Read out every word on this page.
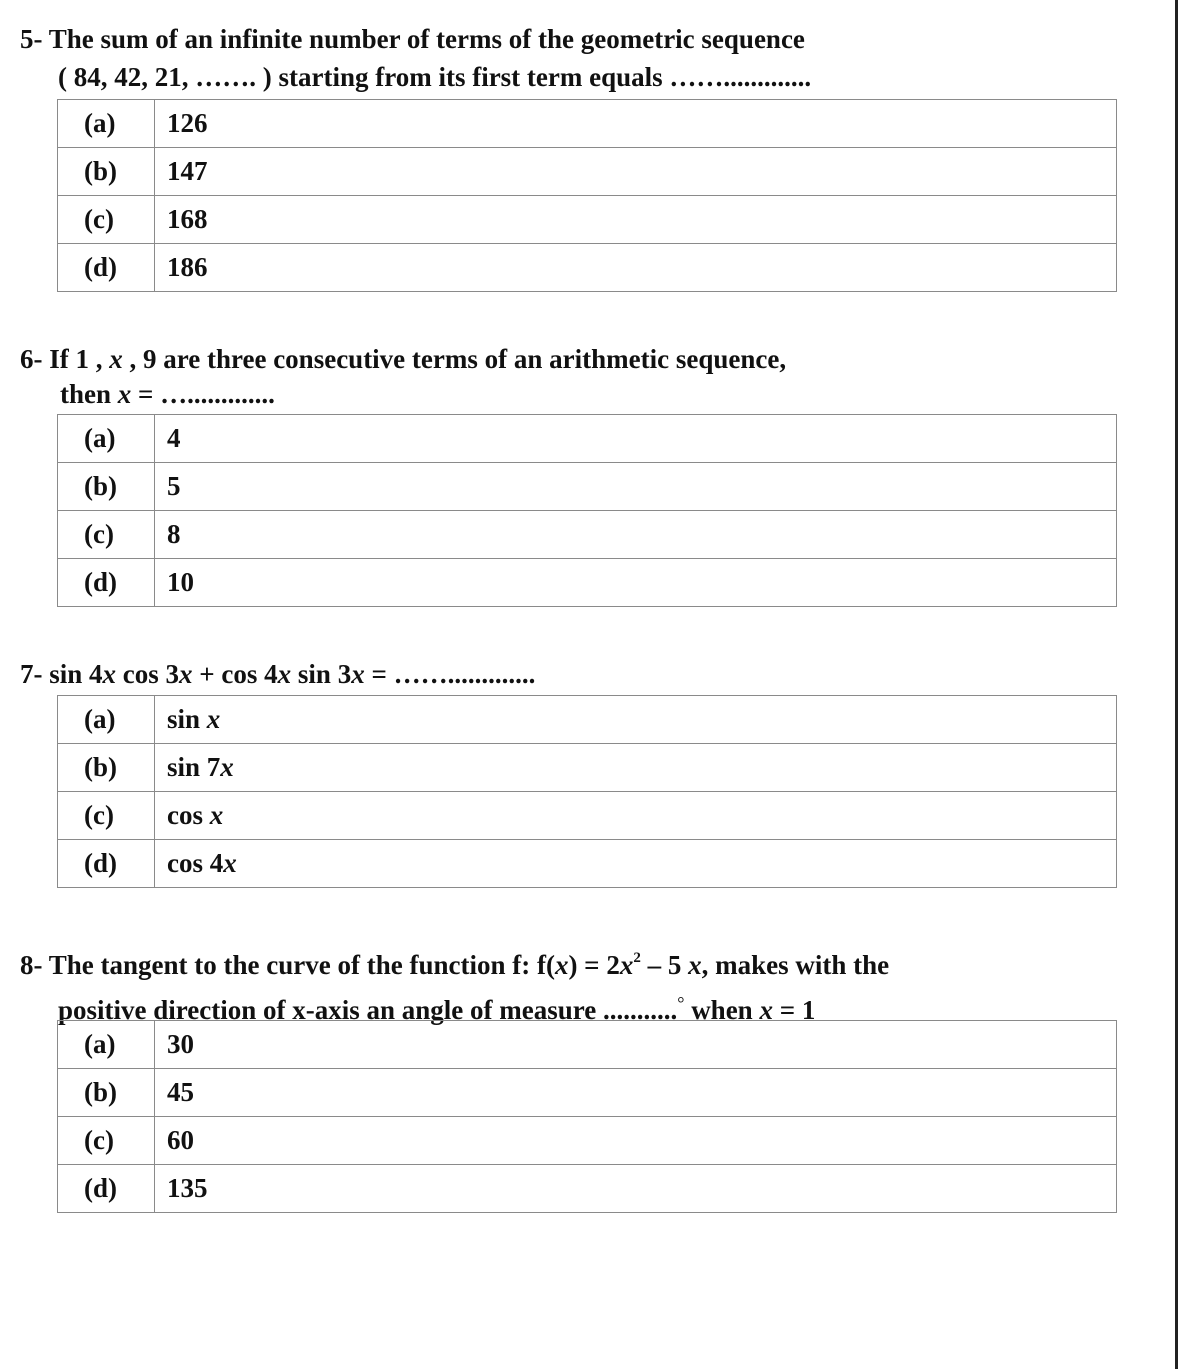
5- The sum of an infinite number of terms of the geometric sequence
( 84, 42, 21, ……. ) starting from its first term equals …….............
(a)	126
(b)	147
(c)	168
(d)	186
6- If 1 , x , 9 are three consecutive terms of an arithmetic sequence,
then x = ….............
(a)	4
(b)	5
(c)	8
(d)	10
7- sin 4x cos 3x + cos 4x sin 3x = …….............
(a)	sin x
(b)	sin 7x
(c)	cos x
(d)	cos 4x
8- The tangent to the curve of the function f: $f(x) = 2x^2 - 5$ x, makes with the
positive direction of x-axis an angle of measure ...........° when x = 1
(a)	30
(b)	45
(c)	60
(d)	135
